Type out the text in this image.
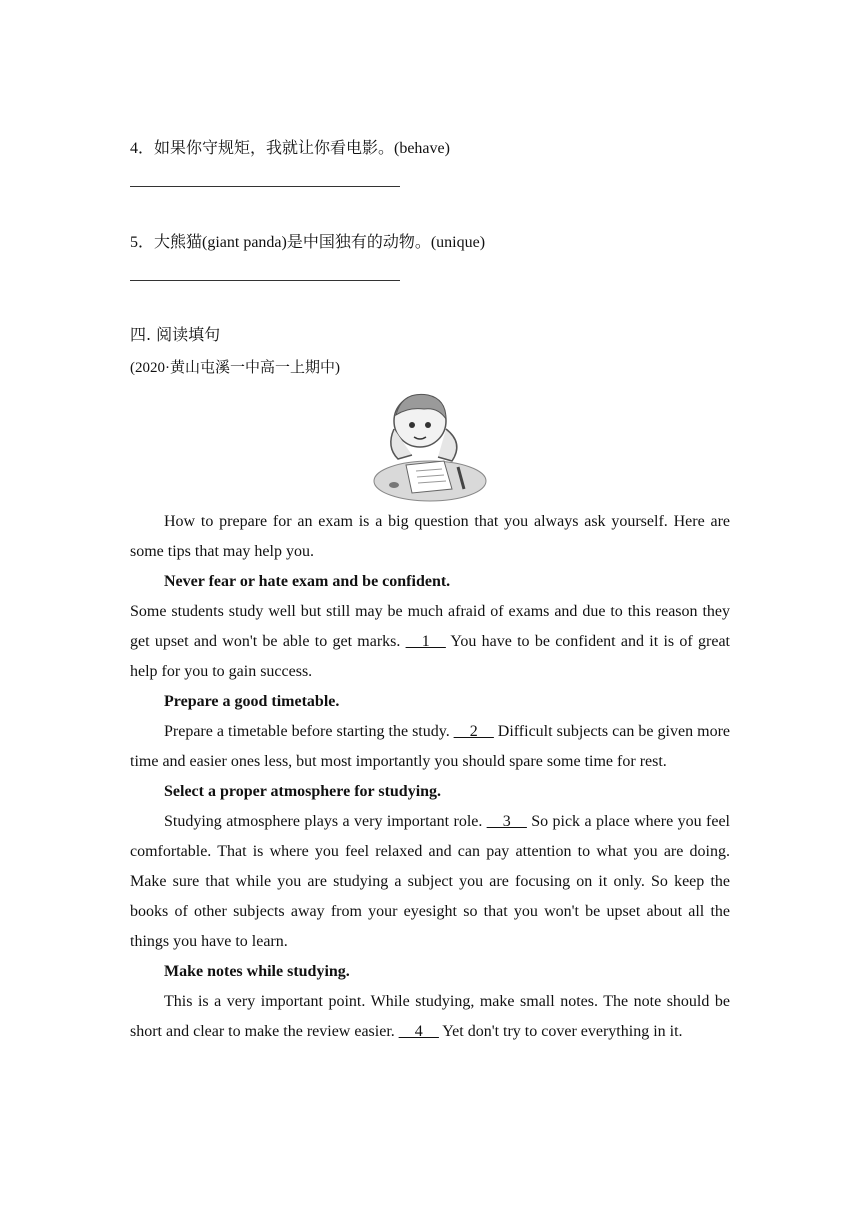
4．如果你守规矩，我就让你看电影。(behave)
5．大熊猫(giant panda)是中国独有的动物。(unique)
四. 阅读填句
(2020·黄山屯溪一中高一上期中)

How to prepare for an exam is a big question that you always ask yourself. Here are some tips that may help you.

Never fear or hate exam and be confident.

Some students study well but still may be much afraid of exams and due to this reason they get upset and won't be able to get marks. __1__ You have to be confident and it is of great help for you to gain success.

Prepare a good timetable.

Prepare a timetable before starting the study. __2__ Difficult subjects can be given more time and easier ones less, but most importantly you should spare some time for rest.

Select a proper atmosphere for studying.

Studying atmosphere plays a very important role. __3__ So pick a place where you feel comfortable. That is where you feel relaxed and can pay attention to what you are doing. Make sure that while you are studying a subject you are focusing on it only. So keep the books of other subjects away from your eyesight so that you won't be upset about all the things you have to learn.

Make notes while studying.

This is a very important point. While studying, make small notes. The note should be short and clear to make the review easier. __4__ Yet don't try to cover everything in it.
